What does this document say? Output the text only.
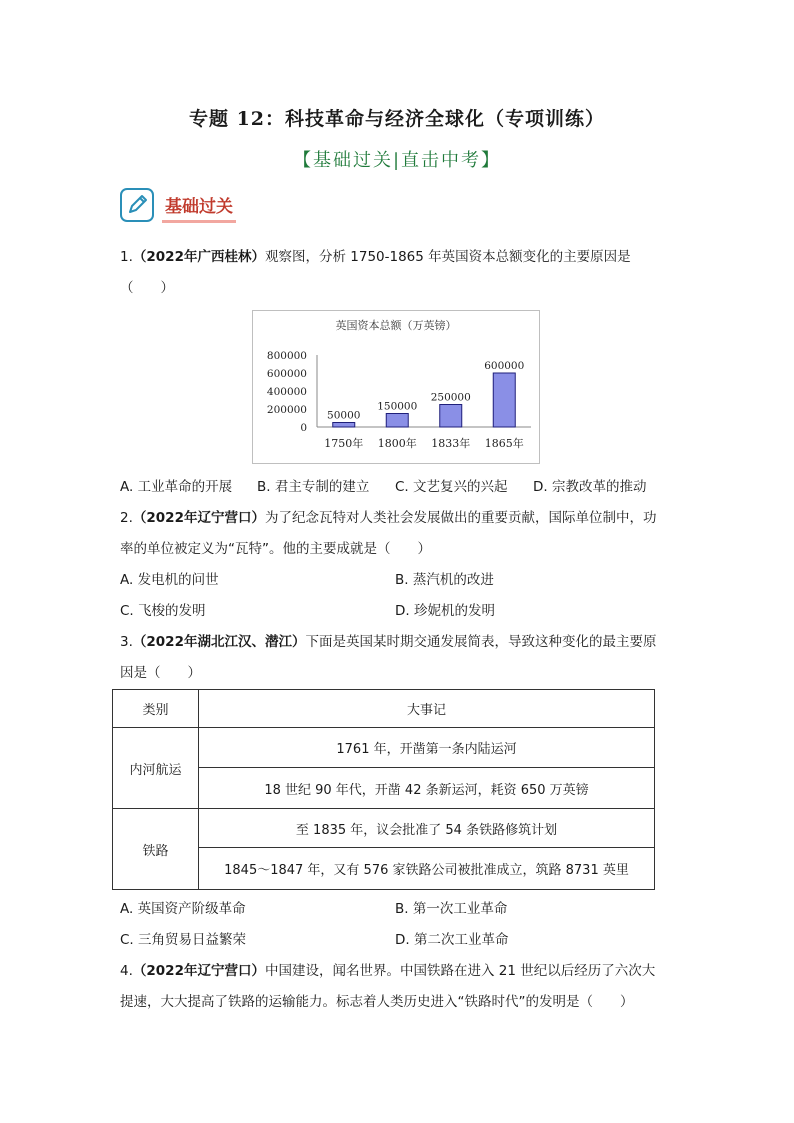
专题 12：科技革命与经济全球化（专项训练）
【基础过关|直击中考】
基础过关
1.（2022年广西桂林）观察图，分析 1750-1865 年英国资本总额变化的主要原因是
（　　）
英国资本总额（万英镑）
800000
600000
400000
200000
0
50000
1750年
150000
1800年
250000
1833年
600000
1865年
A. 工业革命的开展 B. 君主专制的建立 C. 文艺复兴的兴起 D. 宗教改革的推动
2.（2022年辽宁营口）为了纪念瓦特对人类社会发展做出的重要贡献，国际单位制中，功
率的单位被定义为“瓦特”。他的主要成就是（　　）
A. 发电机的问世	B. 蒸汽机的改进
C. 飞梭的发明	D. 珍妮机的发明
3.（2022年湖北江汉、潜江）下面是英国某时期交通发展简表，导致这种变化的最主要原
因是（　　）
类别	大事记
内河航运	1761 年，开凿第一条内陆运河
	18 世纪 90 年代，开凿 42 条新运河，耗资 650 万英镑
铁路	至 1835 年，议会批准了 54 条铁路修筑计划
	1845～1847 年，又有 576 家铁路公司被批准成立，筑路 8731 英里
A. 英国资产阶级革命	B. 第一次工业革命
C. 三角贸易日益繁荣	D. 第二次工业革命
4.（2022年辽宁营口）中国建设，闻名世界。中国铁路在进入 21 世纪以后经历了六次大
提速，大大提高了铁路的运输能力。标志着人类历史进入“铁路时代”的发明是（　　）
